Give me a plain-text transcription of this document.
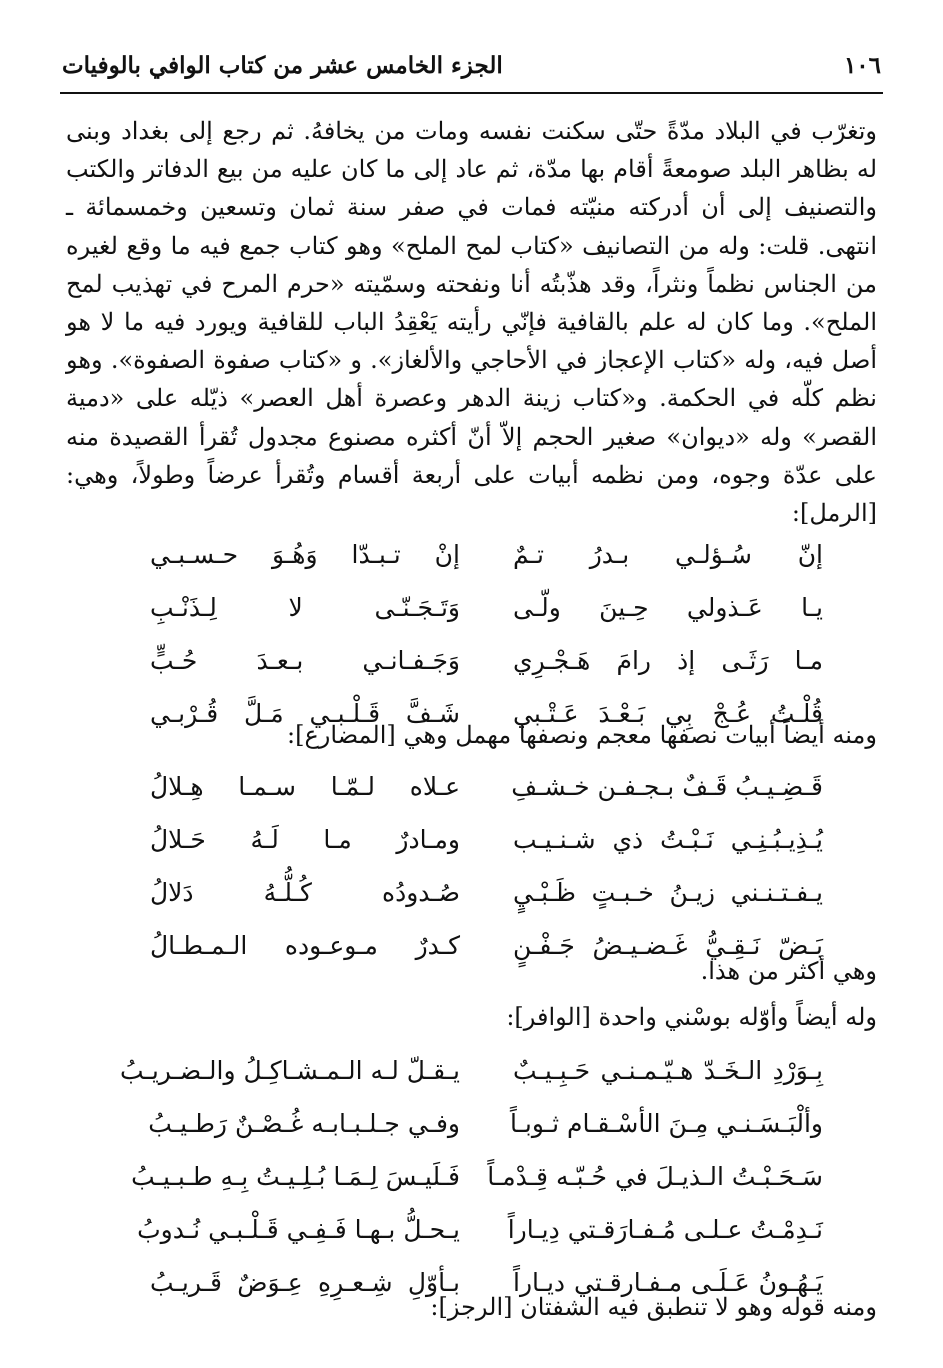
١٠٦
الجزء الخامس عشر من كتاب الوافي بالوفيات

وتغرّب في البلاد مدّةً حتّى سكنت نفسه ومات من يخافهُ. ثم رجع إلى بغداد وبنى له بظاهر البلد صومعةً أقام بها مدّة، ثم عاد إلى ما كان عليه من بيع الدفاتر والكتب والتصنيف إلى أن أدركته منيّته فمات في صفر سنة ثمان وتسعين وخمسمائة ـ انتهى. قلت: وله من التصانيف «كتاب لمح الملح» وهو كتاب جمع فيه ما وقع لغيره من الجناس نظماً ونثراً، وقد هذّبتُه أنا ونفحته وسمّيته «حرم المرح في تهذيب لمح الملح». وما كان له علم بالقافية فإنّي رأيته يَعْقِدُ الباب للقافية ويورد فيه ما لا هو أصل فيه، وله «كتاب الإعجاز في الأحاجي والألغاز». و «كتاب صفوة الصفوة». وهو نظم كلّه في الحكمة. و«كتاب زينة الدهر وعصرة أهل العصر» ذيّله على «دمية القصر» وله «ديوان» صغير الحجم إلاّ أنّ أكثره مصنوع مجدول تُقرأ القصيدة منه على عدّة وجوه، ومن نظمه أبيات على أربعة أقسام وتُقرأ عرضاً وطولاً، وهي: [الرمل]:

إنّ سُـؤلـي بـدرُ تـمٌ
إنْ تـبـدّا وَهُـوَ حـسـبـي
يـا عَـذولي حِـينَ ولّـى
وَتَـجَـنّـى لا لِـذَنْـبِ
مـا رَثَـى إذ رامَ هَـجْـرِي
وَجَـفـانـي بـعـدَ حُـبٍّ
قُلْـتُ عُـجْ بِي بَـعْـدَ عَـتْـبي
شَـفَّ قَـلْـبـي مَـلَّ قُـرْبـي
ومنه أيضاً أبيات نصفها معجم ونصفها مهمل وهي [المضارع]:
قَـضِـيـبُ قَـفٌ بـجـفـن خـشـفِ
عـلاه لـمّـا سـمـا هِـلالُ
يُـذِيـبُـنِـي نَـبْـتُ ذي شـنـيـب
ومـادرٌ مـا لَـهُ حَـلالُ
يـفـتـنـني زيـنُ خـبـتٍ ظَـبْـيٍ
صُـدودُه كُـلُّـهُ دَلالُ
بَـضّ نَـقِـيُّ غَـضـيـضُ جَـفْـنٍ
كـدرٌ مـوعـوده الـمـطـالُ
وهي أكثر من هذا.
وله أيضاً وأوّله بوسْني واحدة [الوافر]:
بِـوَرْدِ الـخَـدّ هـيّـمـنـي حَـبِـيـبٌ
يـقـلّ لـه الـمـشـاكِـلُ والـضـريـبُ
وألْبَـسَـنـي مِـنَ الأسْـقـام ثـوبـاً
وفـي جـلـبـابـه غُـصْـنٌ رَطـيـبُ
سَـحَـبْـتُ الـذيـلَ في حُـبّـه قِـدْمـاً
فَـلَيـسَ لِـمَـا بُـلِـيـتُ بِـهِ طـبـيـبُ
نَـدِمْـتُ عـلـى مُـفـارَقـتي دِيـاراً
يـحـلُّ بـهـا فَـفِـي قَـلْـبـي نُـدوبُ
يَـهُـونُ عَـلَـى مـفـارقـتي ديـاراً
بـأوّلِ شِـعـرِهِ عِـوَضٌ قَـريـبُ
ومنه قوله وهو لا تنطبق فيه الشفتان [الرجز]:
